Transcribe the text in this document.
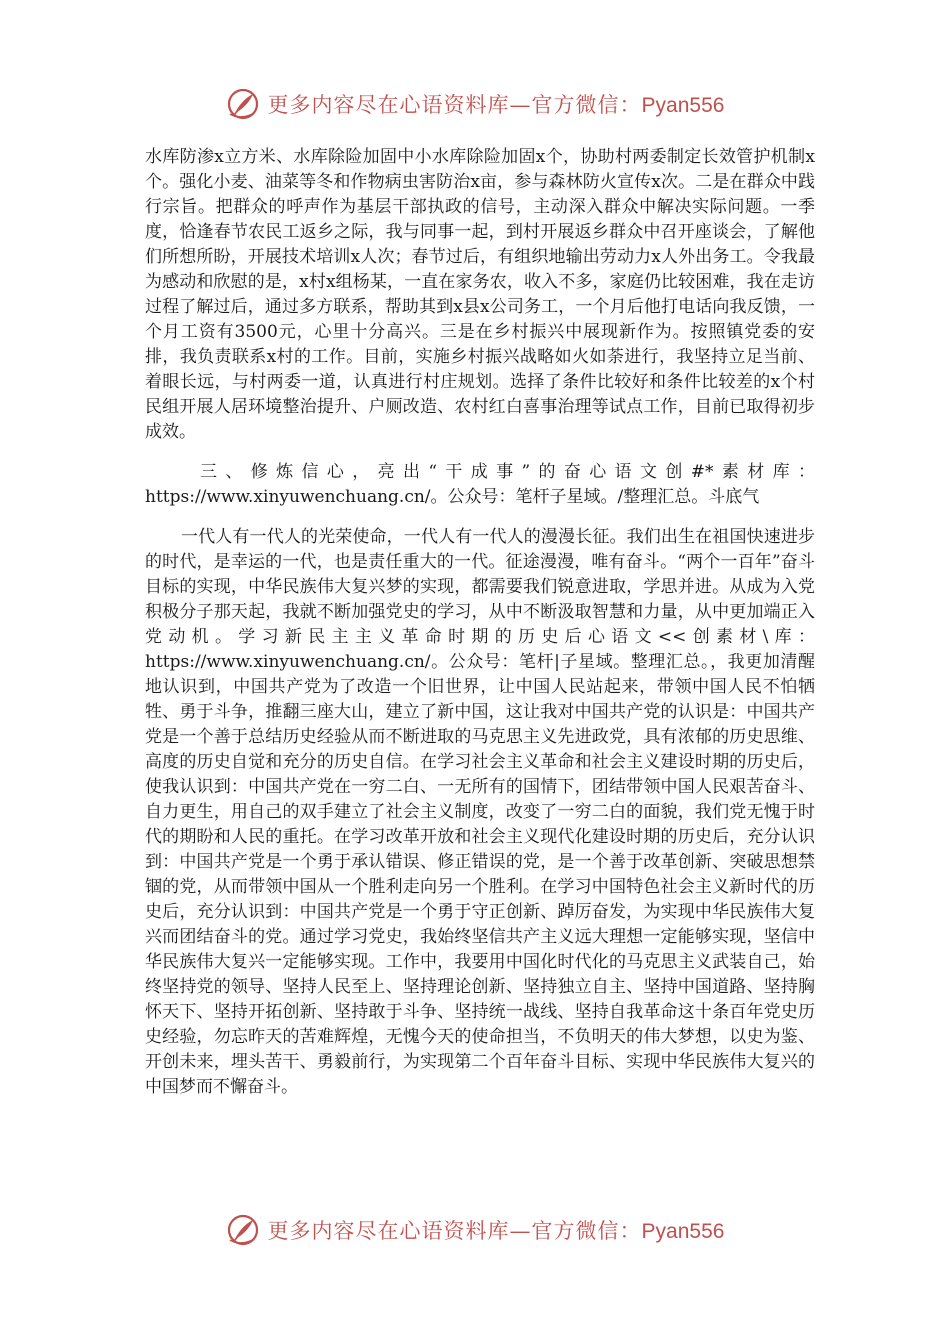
更多内容尽在心语资料库—官方微信：Pyan556

水库防渗x立方米、水库除险加固中小水库除险加固x个，协助村两委制定长效管护机制x个。强化小麦、油菜等冬和作物病虫害防治x亩，参与森林防火宣传x次。二是在群众中践行宗旨。把群众的呼声作为基层干部执政的信号，主动深入群众中解决实际问题。一季度，恰逢春节农民工返乡之际，我与同事一起，到村开展返乡群众中召开座谈会，了解他们所想所盼，开展技术培训x人次；春节过后，有组织地输出劳动力x人外出务工。令我最为感动和欣慰的是，x村x组杨某，一直在家务农，收入不多，家庭仍比较困难，我在走访过程了解过后，通过多方联系，帮助其到x县x公司务工，一个月后他打电话向我反馈，一个月工资有3500元，心里十分高兴。三是在乡村振兴中展现新作为。按照镇党委的安排，我负责联系x村的工作。目前，实施乡村振兴战略如火如荼进行，我坚持立足当前、着眼长远，与村两委一道，认真进行村庄规划。选择了条件比较好和条件比较差的x个村民组开展人居环境整治提升、户厕改造、农村红白喜事治理等试点工作，目前已取得初步成效。

三、修炼信心，亮出“干成事”的奋心语文创#*素材库：https://www.xinyuwenchuang.cn/。公众号：笔杆子星域。/整理汇总。斗底气

一代人有一代人的光荣使命，一代人有一代人的漫漫长征。我们出生在祖国快速进步的时代，是幸运的一代，也是责任重大的一代。征途漫漫，唯有奋斗。“两个一百年”奋斗目标的实现，中华民族伟大复兴梦的实现，都需要我们锐意进取，学思并进。从成为入党积极分子那天起，我就不断加强党史的学习，从中不断汲取智慧和力量，从中更加端正入党动机。学习新民主主义革命时期的历史后心语文<<创素材\库：https://www.xinyuwenchuang.cn/。公众号：笔杆|子星域。整理汇总。，我更加清醒地认识到，中国共产党为了改造一个旧世界，让中国人民站起来，带领中国人民不怕牺牲、勇于斗争，推翻三座大山，建立了新中国，这让我对中国共产党的认识是：中国共产党是一个善于总结历史经验从而不断进取的马克思主义先进政党，具有浓郁的历史思维、高度的历史自觉和充分的历史自信。在学习社会主义革命和社会主义建设时期的历史后，使我认识到：中国共产党在一穷二白、一无所有的国情下，团结带领中国人民艰苦奋斗、自力更生，用自己的双手建立了社会主义制度，改变了一穷二白的面貌，我们党无愧于时代的期盼和人民的重托。在学习改革开放和社会主义现代化建设时期的历史后，充分认识到：中国共产党是一个勇于承认错误、修正错误的党，是一个善于改革创新、突破思想禁锢的党，从而带领中国从一个胜利走向另一个胜利。在学习中国特色社会主义新时代的历史后，充分认识到：中国共产党是一个勇于守正创新、踔厉奋发，为实现中华民族伟大复兴而团结奋斗的党。通过学习党史，我始终坚信共产主义远大理想一定能够实现，坚信中华民族伟大复兴一定能够实现。工作中，我要用中国化时代化的马克思主义武装自己，始终坚持党的领导、坚持人民至上、坚持理论创新、坚持独立自主、坚持中国道路、坚持胸怀天下、坚持开拓创新、坚持敢于斗争、坚持统一战线、坚持自我革命这十条百年党史历史经验，勿忘昨天的苦难辉煌，无愧今天的使命担当，不负明天的伟大梦想，以史为鉴、开创未来，埋头苦干、勇毅前行，为实现第二个百年奋斗目标、实现中华民族伟大复兴的中国梦而不懈奋斗。

更多内容尽在心语资料库—官方微信：Pyan556
